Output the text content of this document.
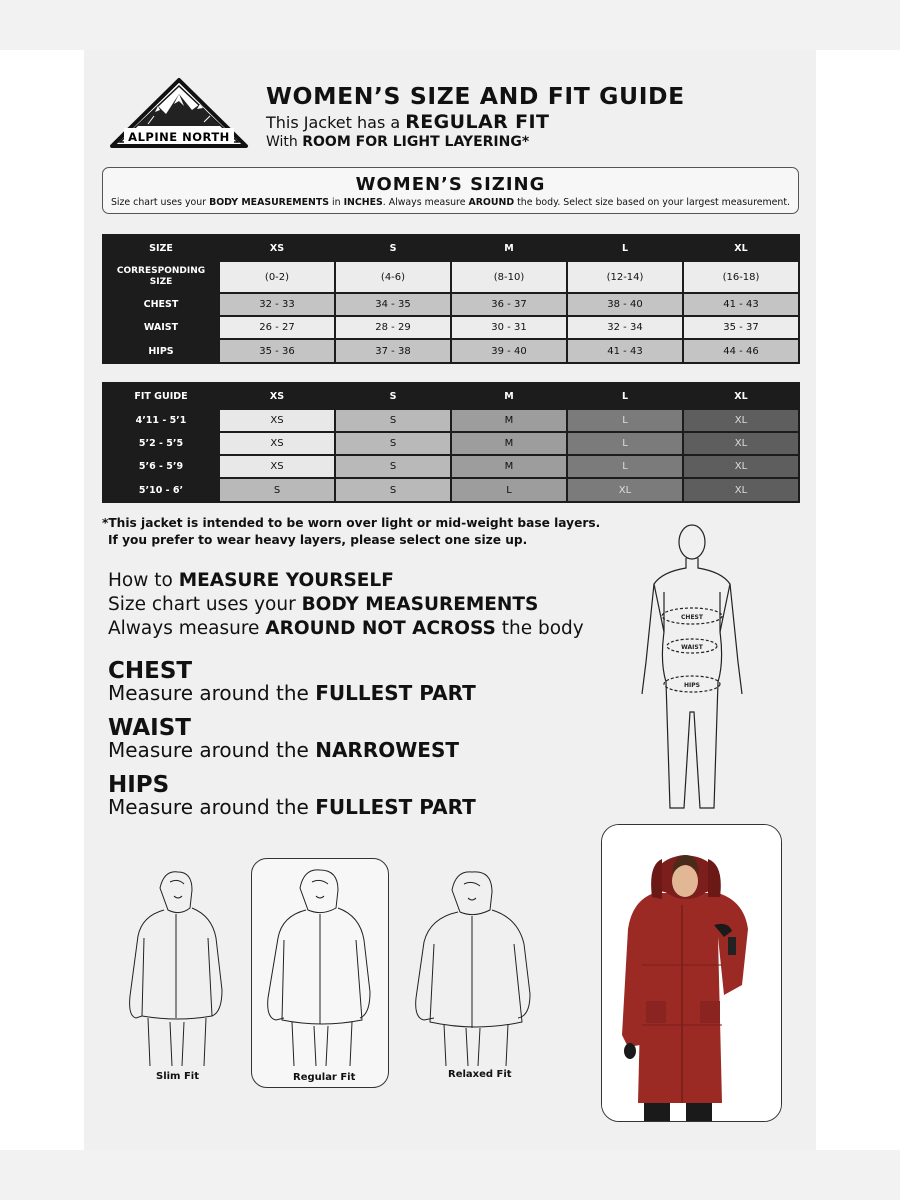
ALPINE NORTH
WOMEN’S SIZE AND FIT GUIDE
This Jacket has a REGULAR FIT
With ROOM FOR LIGHT LAYERING*
WOMEN’S SIZING
Size chart uses your BODY MEASUREMENTS in INCHES. Always measure AROUND the body. Select size based on your largest measurement.
SIZE	XS	S	M	L	XL
CORRESPONDING
SIZE	(0-2)	(4-6)	(8-10)	(12-14)	(16-18)
CHEST	32 - 33	34 - 35	36 - 37	38 - 40	41 - 43
WAIST	26 - 27	28 - 29	30 - 31	32 - 34	35 - 37
HIPS	35 - 36	37 - 38	39 - 40	41 - 43	44 - 46
FIT GUIDE	XS	S	M	L	XL
4’11 - 5’1	XS	S	M	L	XL
5’2 - 5’5	XS	S	M	L	XL
5’6 - 5’9	XS	S	M	L	XL
5’10 - 6’	S	S	L	XL	XL
*This jacket is intended to be worn over light or mid-weight base layers.
If you prefer to wear heavy layers, please select one size up.
How to MEASURE YOURSELF
Size chart uses your BODY MEASUREMENTS
Always measure AROUND NOT ACROSS the body
CHEST
Measure around the FULLEST PART
WAIST
Measure around the NARROWEST
HIPS
Measure around the FULLEST PART
CHEST
WAIST
HIPS
Slim Fit	Regular Fit	Relaxed Fit
